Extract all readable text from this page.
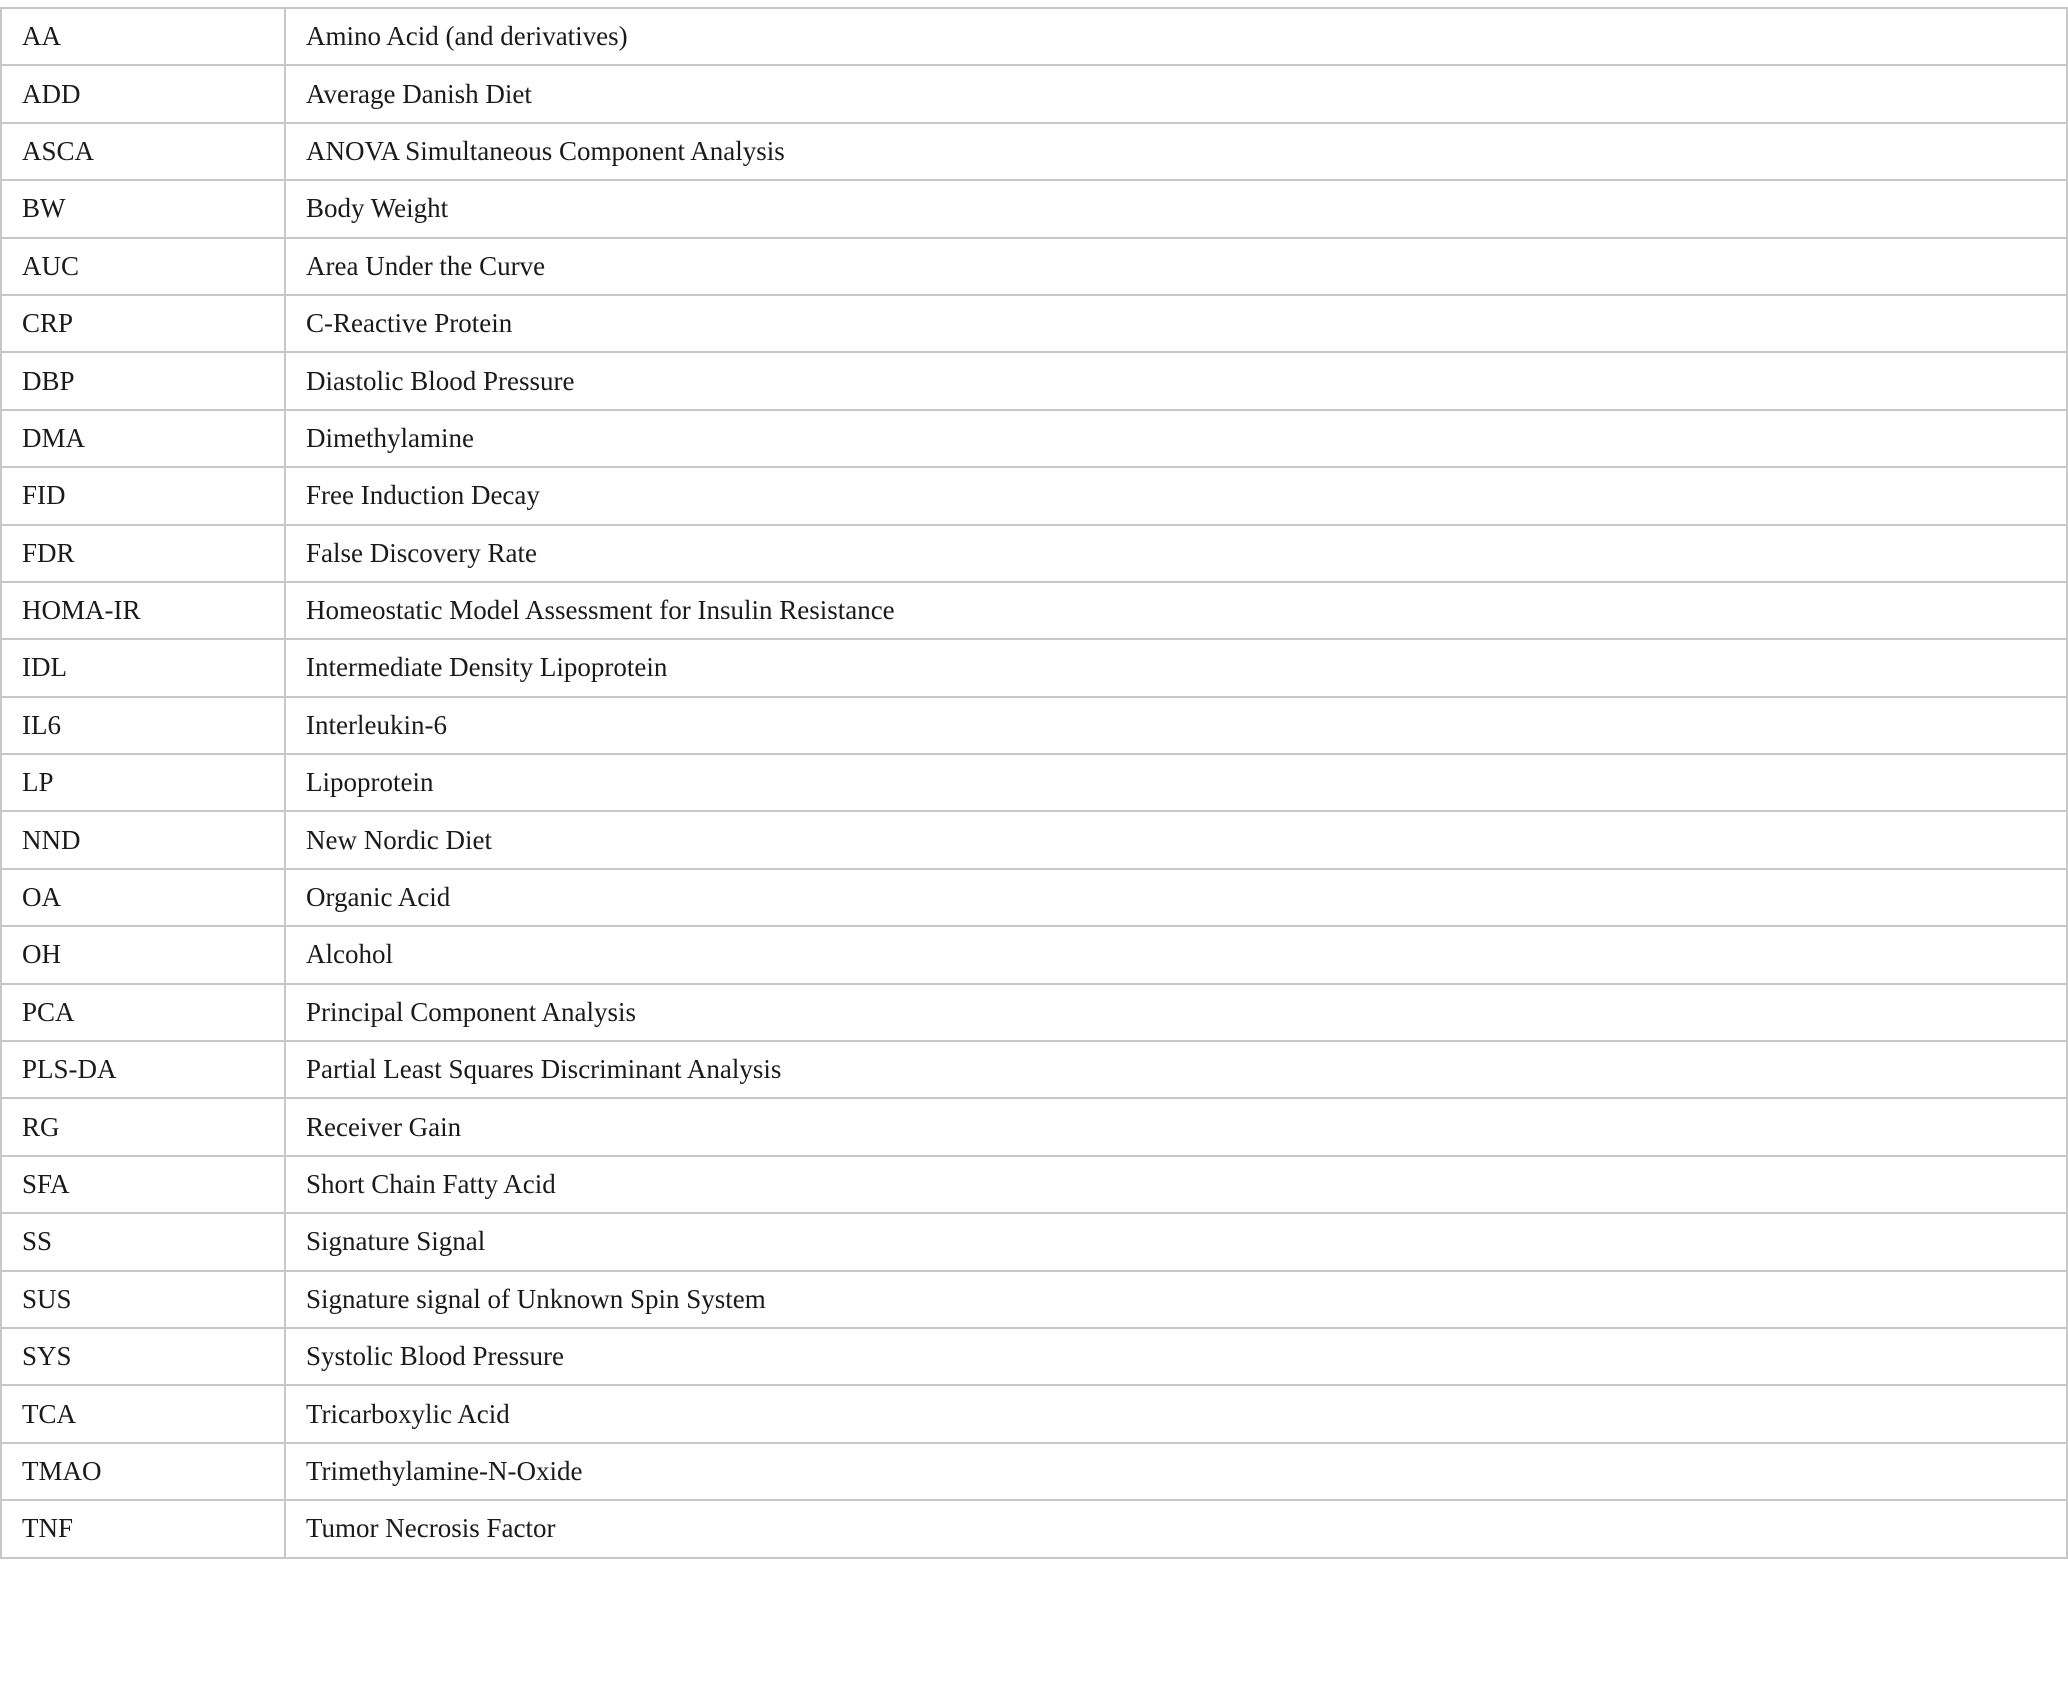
AA	Amino Acid (and derivatives)
ADD	Average Danish Diet
ASCA	ANOVA Simultaneous Component Analysis
BW	Body Weight
AUC	Area Under the Curve
CRP	C-Reactive Protein
DBP	Diastolic Blood Pressure
DMA	Dimethylamine
FID	Free Induction Decay
FDR	False Discovery Rate
HOMA-IR	Homeostatic Model Assessment for Insulin Resistance
IDL	Intermediate Density Lipoprotein
IL6	Interleukin-6
LP	Lipoprotein
NND	New Nordic Diet
OA	Organic Acid
OH	Alcohol
PCA	Principal Component Analysis
PLS-DA	Partial Least Squares Discriminant Analysis
RG	Receiver Gain
SFA	Short Chain Fatty Acid
SS	Signature Signal
SUS	Signature signal of Unknown Spin System
SYS	Systolic Blood Pressure
TCA	Tricarboxylic Acid
TMAO	Trimethylamine-N-Oxide
TNF	Tumor Necrosis Factor
